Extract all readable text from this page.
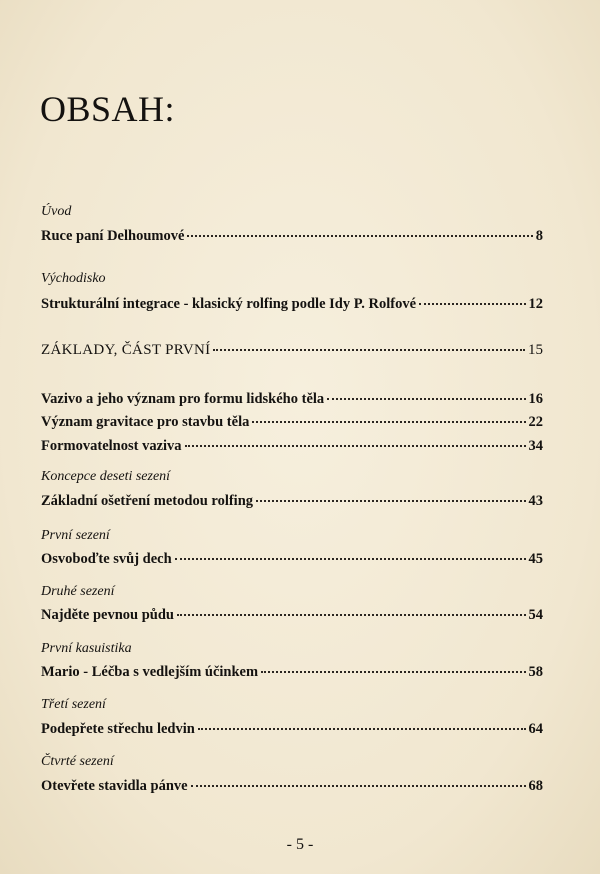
OBSAH:
Úvod
Ruce paní Delhoumové	8
Východisko
Strukturální integrace - klasický rolfing podle Idy P. Rolfové	12
ZÁKLADY, ČÁST PRVNÍ	15
Vazivo a jeho význam pro formu lidského těla	16
Význam gravitace pro stavbu těla	22
Formovatelnost vaziva	34
Koncepce deseti sezení
Základní ošetření metodou rolfing	43
První sezení
Osvoboďte svůj dech	45
Druhé sezení
Najděte pevnou půdu	54
První kasuistika
Mario - Léčba s vedlejším účinkem	58
Třetí sezení
Podepřete střechu ledvin	64
Čtvrté sezení
Otevřete stavidla pánve	68
- 5 -
